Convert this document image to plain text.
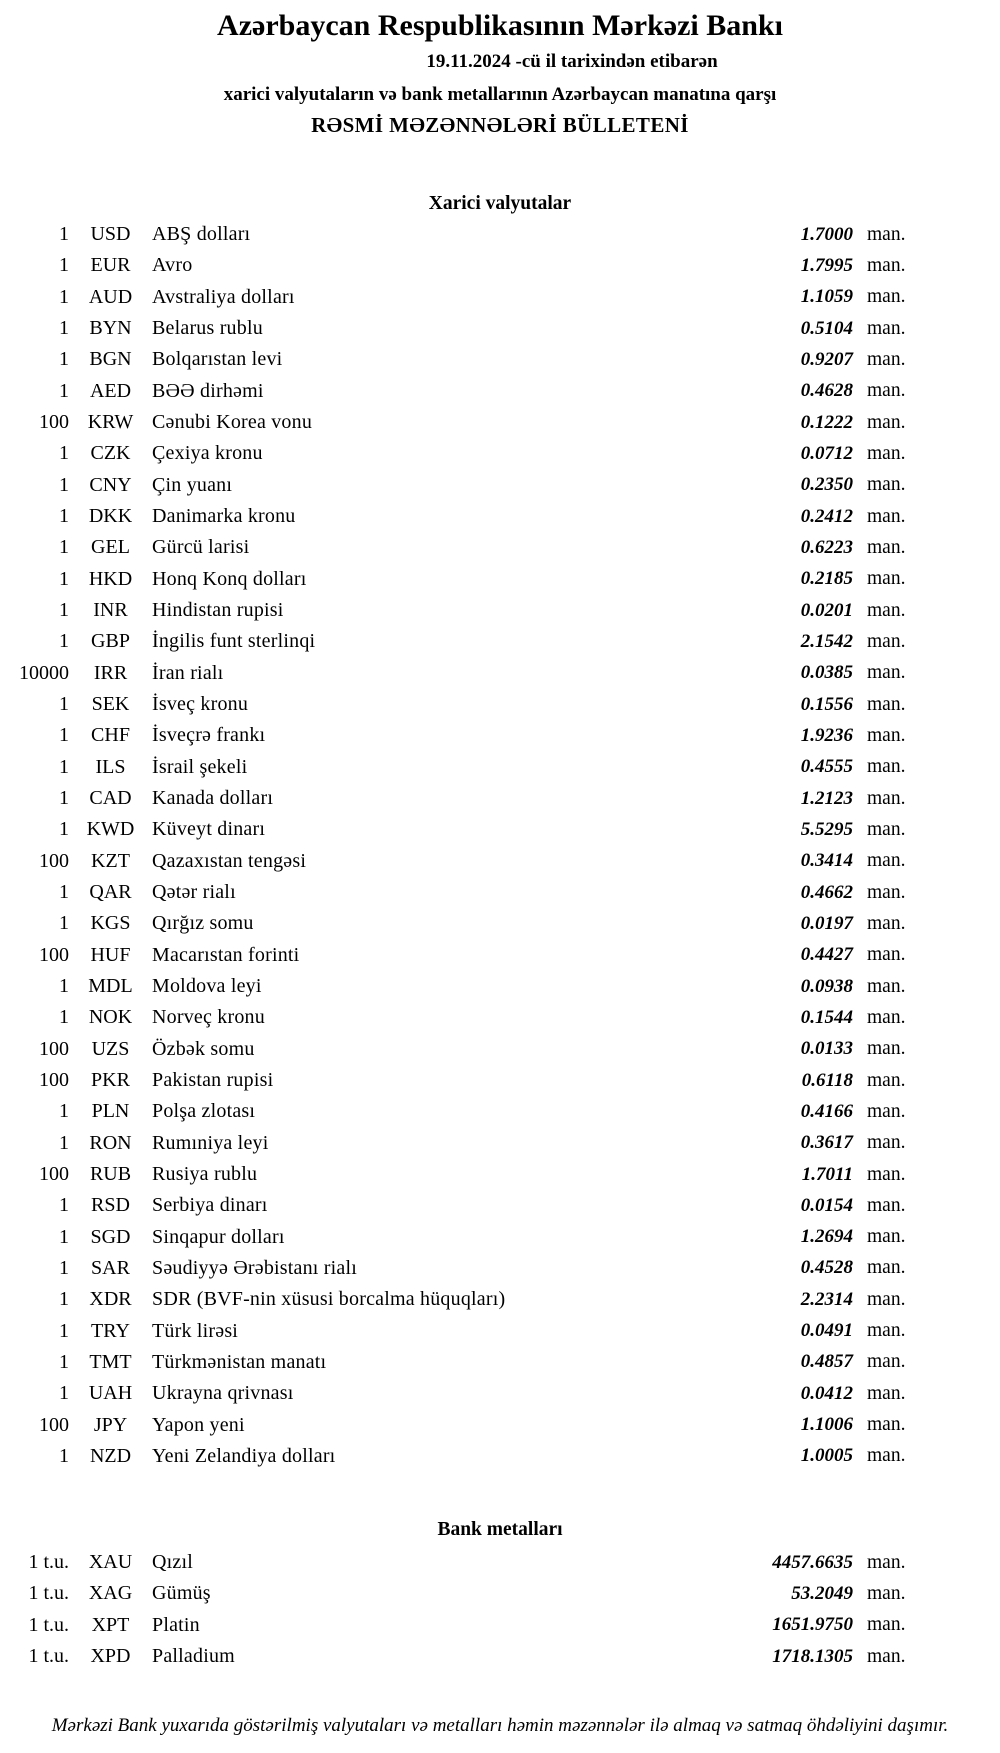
Azərbaycan Respublikasının Mərkəzi Bankı
19.11.2024 -cü il tarixindən etibarən
xarici valyutaların və bank metallarının Azərbaycan manatına qarşı
RƏSMİ MƏZƏNNƏLƏRİ BÜLLETENİ
Xarici valyutalar
1	USD	ABŞ dolları	1.7000 man.
1	EUR	Avro	1.7995 man.
1 AUD Avstraliya dolları	1.1059 man.
1	BYN	Belarus rublu	0.5104 man.
1	BGN	Bolqarıstan levi	0.9207 man.
1	AED	BƏƏ dirhəmi	0.4628 man.
100 KRW Cənubi Korea vonu	0.1222 man.
1	CZK	Çexiya kronu	0.0712 man.
1	CNY	Çin yuanı	0.2350 man.
1 DKK Danimarka kronu	0.2412 man.
1	GEL	Gürcü larisi	0.6223 man.
1 HKD Honq Konq dolları	0.2185 man.
1	INR	Hindistan rupisi	0.0201 man.
1	GBP	İngilis funt sterlinqi	2.1542 man.
10000	IRR	İran rialı	0.0385 man.
1	SEK	İsveç kronu	0.1556 man.
1	CHF	İsveçrə frankı	1.9236 man.
1	ILS	İsrail şekeli	0.4555 man.
1	CAD	Kanada dolları	1.2123 man.
1 KWD Küveyt dinarı	5.5295 man.
100	KZT	Qazaxıstan tengəsi	0.3414 man.
1	QAR	Qətər rialı	0.4662 man.
1	KGS	Qırğız somu	0.0197 man.
100	HUF	Macarıstan forinti	0.4427 man.
1 MDL Moldova leyi	0.0938 man.
1 NOK Norveç kronu	0.1544 man.
100	UZS	Özbək somu	0.0133 man.
100	PKR	Pakistan rupisi	0.6118 man.
1	PLN	Polşa zlotası	0.4166 man.
1	RON	Rumıniya leyi	0.3617 man.
100	RUB	Rusiya rublu	1.7011 man.
1	RSD	Serbiya dinarı	0.0154 man.
1	SGD	Sinqapur dolları	1.2694 man.
1	SAR	Səudiyyə Ərəbistanı rialı	0.4528 man.
1	XDR	SDR (BVF-nin xüsusi borcalma hüquqları)	2.2314 man.
1	TRY	Türk lirəsi	0.0491 man.
1	TMT	Türkmənistan manatı	0.4857 man.
1 UAH Ukrayna qrivnası	0.0412 man.
100	JPY	Yapon yeni	1.1006 man.
1	NZD	Yeni Zelandiya dolları	1.0005 man.
Bank metalları
1 t.u. XAU Qızıl	4457.6635 man.
1 t.u. XAG Gümüş	53.2049 man.
1 t.u.	XPT	Platin	1651.9750 man.
1 t.u.	XPD	Palladium	1718.1305 man.
Mərkəzi Bank yuxarıda göstərilmiş valyutaları və metalları həmin məzənnələr ilə almaq və satmaq öhdəliyini daşımır.
